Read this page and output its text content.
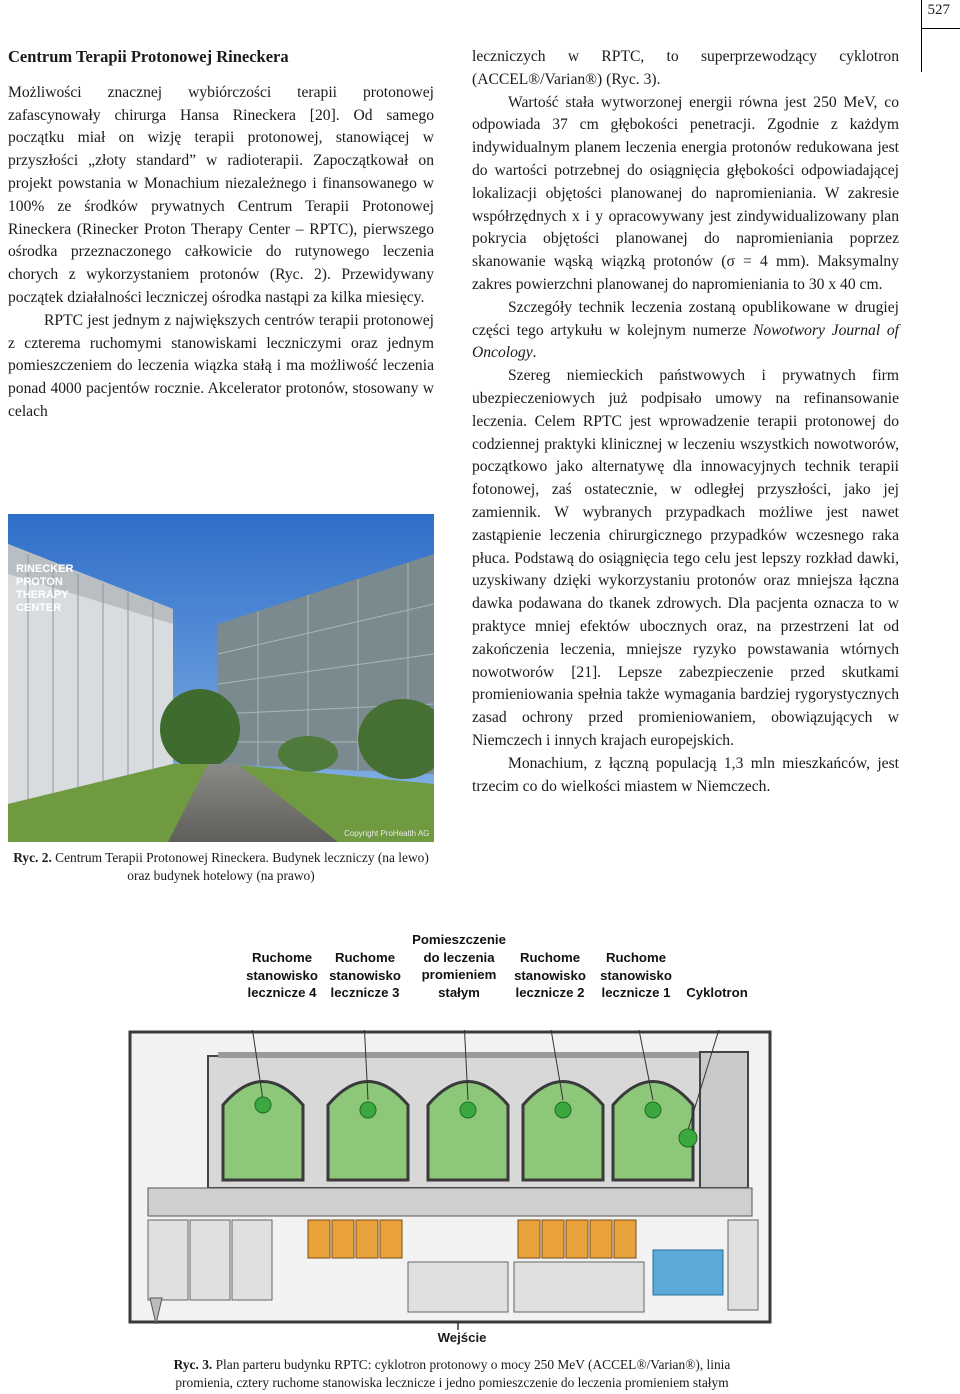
527
Centrum Terapii Protonowej Rineckera

Możliwości znacznej wybiórczości terapii protonowej zafascynowały chirurga Hansa Rineckera [20]. Od samego początku miał on wizję terapii protonowej, stanowiącej w przyszłości „złoty standard” w radioterapii. Zapoczątkował on projekt powstania w Monachium niezależnego i finansowanego w 100% ze środków prywatnych Centrum Terapii Protonowej Rineckera (Rinecker Proton Therapy Center – RPTC), pierwszego ośrodka przeznaczonego całkowicie do rutynowego leczenia chorych z wykorzystaniem protonów (Ryc. 2). Przewidywany początek działalności leczniczej ośrodka nastąpi za kilka miesięcy.

RPTC jest jednym z największych centrów terapii protonowej z czterema ruchomymi stanowiskami leczniczymi oraz jednym pomieszczeniem do leczenia wiązka stałą i ma możliwość leczenia ponad 4000 pacjentów rocznie. Akcelerator protonów, stosowany w celach

RINECKER
PROTON
THERAPY
CENTER
Copyright ProHealth AG
Ryc. 2. Centrum Terapii Protonowej Rineckera. Budynek leczniczy (na lewo) oraz budynek hotelowy (na prawo)

leczniczych w RPTC, to superprzewodzący cyklotron (ACCEL®/Varian®) (Ryc. 3).

Wartość stała wytworzonej energii równa jest 250 MeV, co odpowiada 37 cm głębokości penetracji. Zgodnie z każdym indywidualnym planem leczenia energia protonów redukowana jest do wartości potrzebnej do osiągnięcia głębokości odpowiadającej lokalizacji objętości planowanej do napromieniania. W zakresie współrzędnych x i y opracowywany jest zindywidualizowany plan pokrycia objętości planowanej do napromieniania poprzez skanowanie wąską wiązką protonów (σ = 4 mm). Maksymalny zakres powierzchni planowanej do napromieniania to 30 x 40 cm.

Szczegóły technik leczenia zostaną opublikowane w drugiej części tego artykułu w kolejnym numerze Nowotwory Journal of Oncology.

Szereg niemieckich państwowych i prywatnych firm ubezpieczeniowych już podpisało umowy na refinansowanie leczenia. Celem RPTC jest wprowadzenie terapii protonowej do codziennej praktyki klinicznej w leczeniu wszystkich nowotworów, początkowo jako alternatywę dla innowacyjnych technik terapii fotonowej, zaś ostatecznie, w odległej przyszłości, jako jej zamiennik. W wybranych przypadkach możliwe jest nawet zastąpienie leczenia chirurgicznego przypadków wczesnego raka płuca. Podstawą do osiągnięcia tego celu jest lepszy rozkład dawki, uzyskiwany dzięki wykorzystaniu protonów oraz mniejsza łączna dawka podawana do tkanek zdrowych. Dla pacjenta oznacza to w praktyce mniej efektów ubocznych oraz, na przestrzeni lat od zakończenia leczenia, mniejsze ryzyko powstawania wtórnych nowotworów [21]. Lepsze zabezpieczenie przed skutkami promieniowania spełnia także wymagania bardziej rygorystycznych zasad ochrony przed promieniowaniem, obowiązujących w Niemczech i innych krajach europejskich.

Monachium, z łączną populacją 1,3 mln mieszkańców, jest trzecim co do wielkości miastem w Niemczech.

Ruchome
stanowisko
lecznicze 4
Ruchome
stanowisko
lecznicze 3
Pomieszczenie
do leczenia
promieniem
stałym
Ruchome
stanowisko
lecznicze 2
Ruchome
stanowisko
lecznicze 1	Cyklotron
Wejście
Ryc. 3. Plan parteru budynku RPTC: cyklotron protonowy o mocy 250 MeV (ACCEL®/Varian®), linia
promienia, cztery ruchome stanowiska lecznicze i jedno pomieszczenie do leczenia promieniem stałym
